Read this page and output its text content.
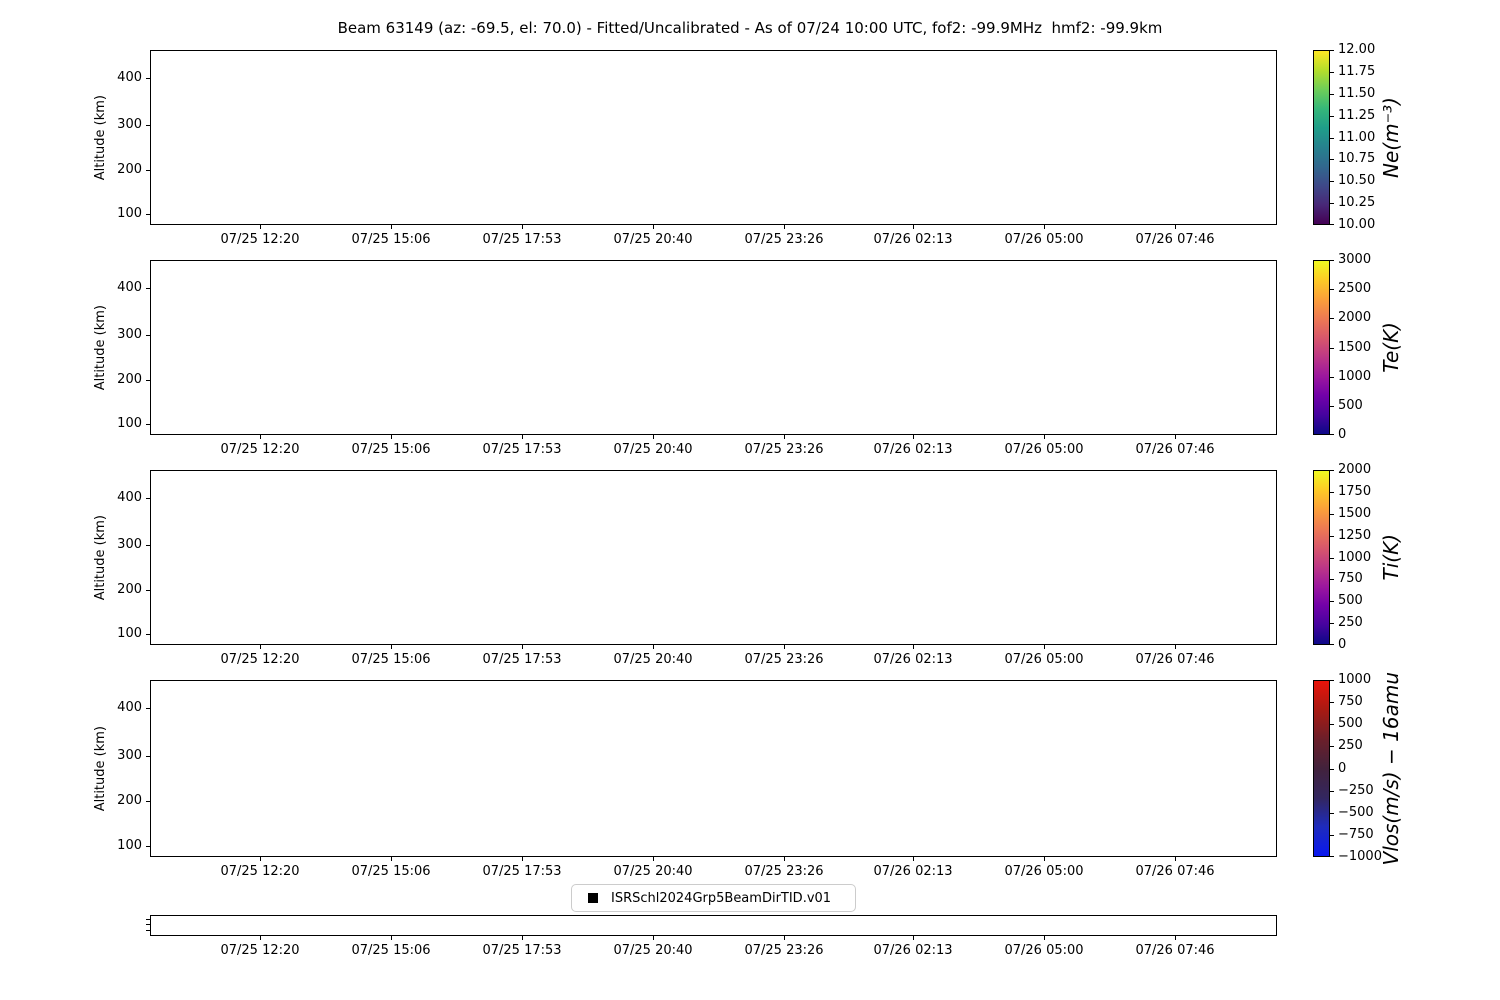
Beam 63149 (az: -69.5, el: 70.0) - Fitted/Uncalibrated - As of 07/24 10:00 UTC, fof2: -99.9MHz  hmf2: -99.9km
Altitude (km)
Altitude (km)
Altitude (km)
Altitude (km)
Ne(m⁻³)
Te(K)
Ti(K)
Vlos(m/s) − 16amu
ISRSchl2024Grp5BeamDirTID.v01
07/25 12:20	07/25 15:06	07/25 17:53	07/25 20:40	07/25 23:26	07/26 02:13	07/26 05:00	07/26 07:46
400
300
200
100
07/25 12:20	07/25 15:06	07/25 17:53	07/25 20:40	07/25 23:26	07/26 02:13	07/26 05:00	07/26 07:46
400
300
200
100
07/25 12:20	07/25 15:06	07/25 17:53	07/25 20:40	07/25 23:26	07/26 02:13	07/26 05:00	07/26 07:46
400
300
200
100
07/25 12:20	07/25 15:06	07/25 17:53	07/25 20:40	07/25 23:26	07/26 02:13	07/26 05:00	07/26 07:46
400
300
200
100
07/25 12:20	07/25 15:06	07/25 17:53	07/25 20:40	07/25 23:26	07/26 02:13	07/26 05:00	07/26 07:46
12.00
11.75
11.50
11.25
11.00
10.75
10.50
10.25
10.00
3000
2500
2000
1500
1000
500
0
2000
1750
1500
1250
1000
750
500
250
0
1000
750
500
250
0
−250
−500
−750
−1000
